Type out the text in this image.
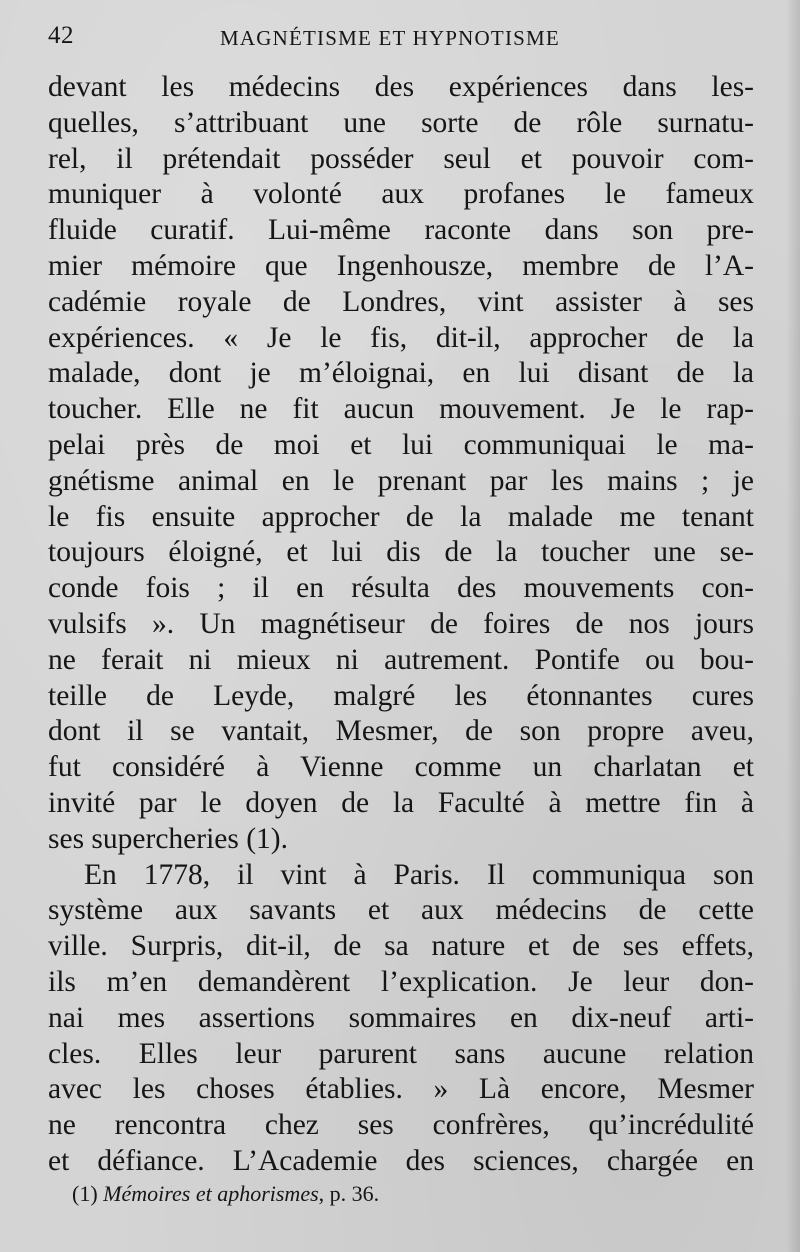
42	MAGNÉTISME ET HYPNOTISME
devant les médecins des expériences dans les-
quelles, s’attribuant une sorte de rôle surnatu-
rel, il prétendait posséder seul et pouvoir com-
muniquer à volonté aux profanes le fameux
fluide curatif. Lui-même raconte dans son pre-
mier mémoire que Ingenhousze, membre de l’A-
cadémie royale de Londres, vint assister à ses
expériences. « Je le fis, dit-il, approcher de la
malade, dont je m’éloignai, en lui disant de la
toucher. Elle ne fit aucun mouvement. Je le rap-
pelai près de moi et lui communiquai le ma-
gnétisme animal en le prenant par les mains ; je
le fis ensuite approcher de la malade me tenant
toujours éloigné, et lui dis de la toucher une se-
conde fois ; il en résulta des mouvements con-
vulsifs ». Un magnétiseur de foires de nos jours
ne ferait ni mieux ni autrement. Pontife ou bou-
teille de Leyde, malgré les étonnantes cures
dont il se vantait, Mesmer, de son propre aveu,
fut considéré à Vienne comme un charlatan et
invité par le doyen de la Faculté à mettre fin à
ses supercheries (1).
En 1778, il vint à Paris. Il communiqua son
système aux savants et aux médecins de cette
ville. Surpris, dit-il, de sa nature et de ses effets,
ils m’en demandèrent l’explication. Je leur don-
nai mes assertions sommaires en dix-neuf arti-
cles. Elles leur parurent sans aucune relation
avec les choses établies. » Là encore, Mesmer
ne rencontra chez ses confrères, qu’incrédulité
et défiance. L’Academie des sciences, chargée en
(1) Mémoires et aphorismes, p. 36.
